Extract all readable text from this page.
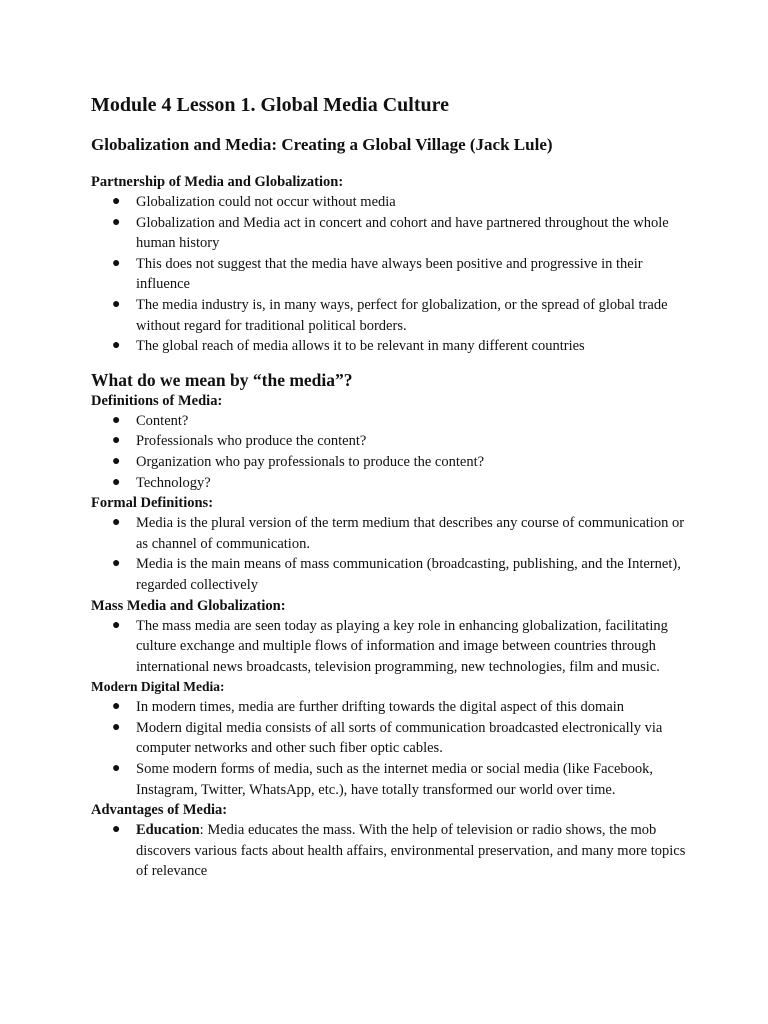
Module 4 Lesson 1. Global Media Culture
Globalization and Media: Creating a Global Village (Jack Lule)

Partnership of Media and Globalization:

● Globalization could not occur without media
● Globalization and Media act in concert and cohort and have partnered throughout the whole human history
● This does not suggest that the media have always been positive and progressive in their influence
● The media industry is, in many ways, perfect for globalization, or the spread of global trade without regard for traditional political borders.
● The global reach of media allows it to be relevant in many different countries
What do we mean by “the media”?

Definitions of Media:

● Content?
● Professionals who produce the content?
● Organization who pay professionals to produce the content?
● Technology?

Formal Definitions:

● Media is the plural version of the term medium that describes any course of communication or as channel of communication.
● Media is the main means of mass communication (broadcasting, publishing, and the Internet), regarded collectively

Mass Media and Globalization:

● The mass media are seen today as playing a key role in enhancing globalization, facilitating culture exchange and multiple flows of information and image between countries through international news broadcasts, television programming, new technologies, film and music.

Modern Digital Media:

● In modern times, media are further drifting towards the digital aspect of this domain
● Modern digital media consists of all sorts of communication broadcasted electronically via computer networks and other such fiber optic cables.
● Some modern forms of media, such as the internet media or social media (like Facebook, Instagram, Twitter, WhatsApp, etc.), have totally transformed our world over time.

Advantages of Media:

● Education: Media educates the mass. With the help of television or radio shows, the mob discovers various facts about health affairs, environmental preservation, and many more topics of relevance
